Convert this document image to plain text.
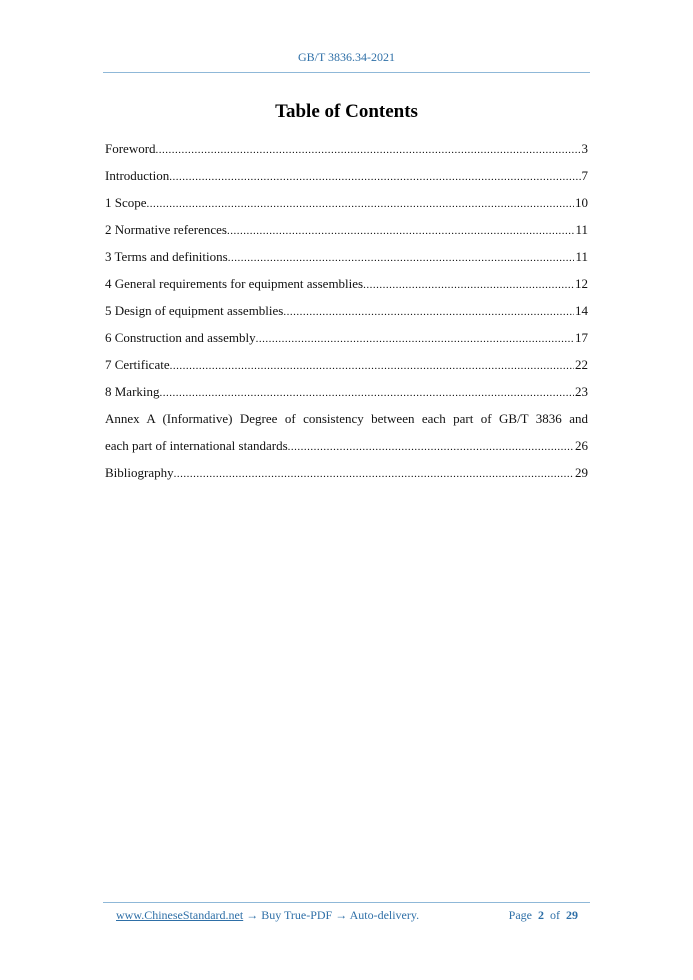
GB/T 3836.34-2021
Table of Contents
Foreword .....	3
Introduction .....	7
1 Scope .....	10
2 Normative references .....	11
3 Terms and definitions .....	11
4 General requirements for equipment assemblies .....	12
5 Design of equipment assemblies .....	14
6 Construction and assembly .....	17
7 Certificate .....	22
8 Marking .....	23
Annex A (Informative) Degree of consistency between each part of GB/T 3836 and
each part of international standards .....	26
Bibliography .....	29
www.ChineseStandard.net → Buy True-PDF → Auto-delivery.	Page 2 of 29
